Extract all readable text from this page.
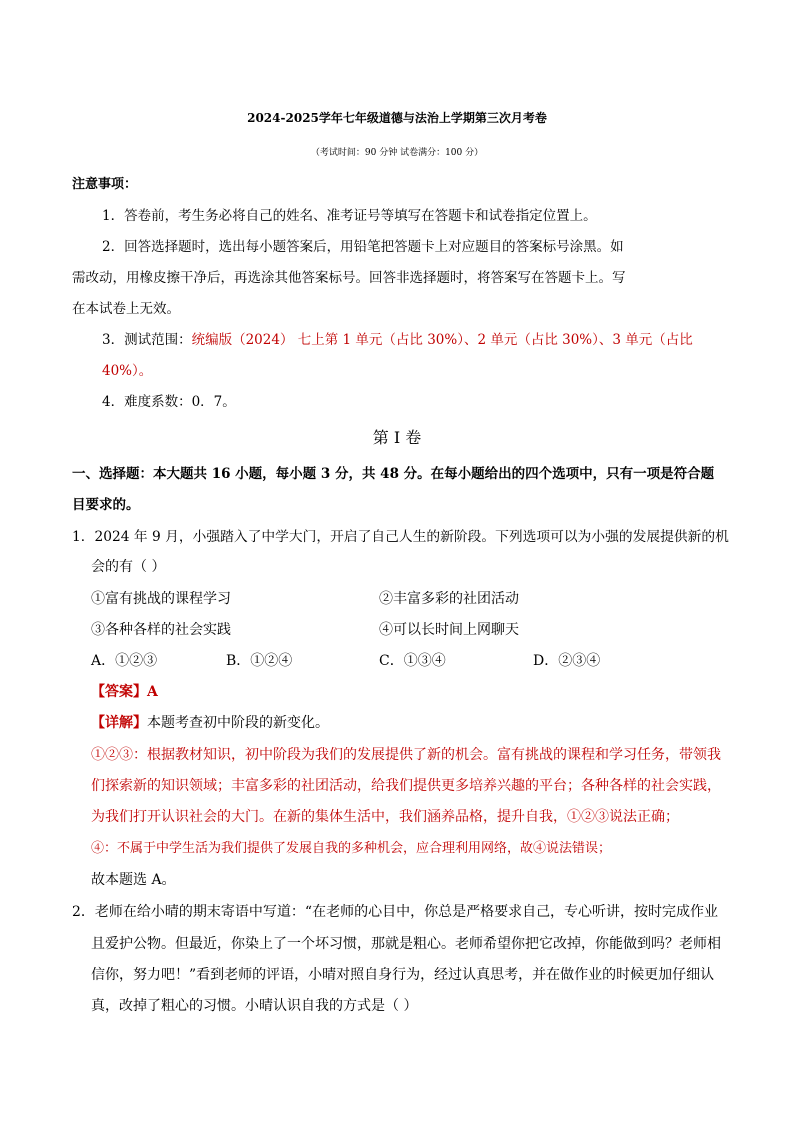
2024-2025学年七年级道德与法治上学期第三次月考卷
（考试时间：90 分钟 试卷满分：100 分）
注意事项：
1．答卷前，考生务必将自己的姓名、准考证号等填写在答题卡和试卷指定位置上。
2．回答选择题时，选出每小题答案后，用铅笔把答题卡上对应题目的答案标号涂黑。如
需改动，用橡皮擦干净后，再选涂其他答案标号。回答非选择题时，将答案写在答题卡上。写
在本试卷上无效。
3．测试范围：统编版（2024） 七上第 1 单元（占比 30%）、2 单元（占比 30%）、3 单元（占比
40%）。
4．难度系数：0．7。
第 I 卷
一、选择题：本大题共 16 小题，每小题 3 分，共 48 分。在每小题给出的四个选项中，只有一项是符合题
目要求的。
1．2024 年 9 月，小强踏入了中学大门，开启了自己人生的新阶段。下列选项可以为小强的发展提供新的机
会的有（ ）
①富有挑战的课程学习	②丰富多彩的社团活动
③各种各样的社会实践	④可以长时间上网聊天
A．①②③	B．①②④	C．①③④	D．②③④
【答案】A
【详解】本题考查初中阶段的新变化。
①②③：根据教材知识，初中阶段为我们的发展提供了新的机会。富有挑战的课程和学习任务，带领我
们探索新的知识领域；丰富多彩的社团活动，给我们提供更多培养兴趣的平台；各种各样的社会实践，
为我们打开认识社会的大门。在新的集体生活中，我们涵养品格，提升自我，①②③说法正确；
④：不属于中学生活为我们提供了发展自我的多种机会，应合理利用网络，故④说法错误；
故本题选 A。
2．老师在给小晴的期末寄语中写道：“在老师的心目中，你总是严格要求自己，专心听讲，按时完成作业
且爱护公物。但最近，你染上了一个坏习惯，那就是粗心。老师希望你把它改掉，你能做到吗？老师相
信你，努力吧！”看到老师的评语，小晴对照自身行为，经过认真思考，并在做作业的时候更加仔细认
真，改掉了粗心的习惯。小晴认识自我的方式是（ ）
